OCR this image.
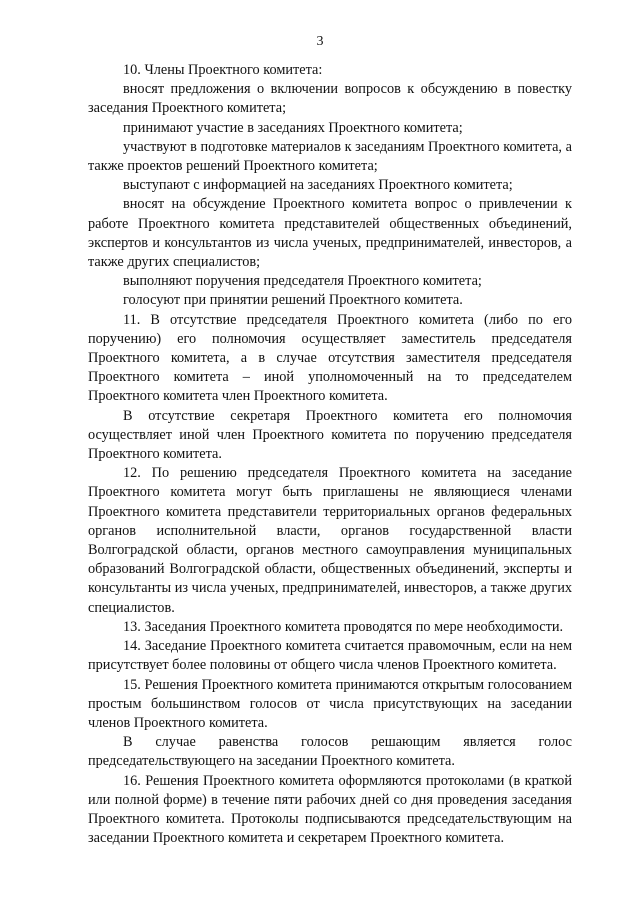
3

10. Члены Проектного комитета:

вносят предложения о включении вопросов к обсуждению в повестку заседания Проектного комитета;

принимают участие в заседаниях Проектного комитета;

участвуют в подготовке материалов к заседаниям Проектного комитета, а также проектов решений Проектного комитета;

выступают с информацией на заседаниях Проектного комитета;

вносят на обсуждение Проектного комитета вопрос о привлечении к работе Проектного комитета представителей общественных объединений, экспертов и консультантов из числа ученых, предпринимателей, инвесторов, а также других специалистов;

выполняют поручения председателя Проектного комитета;

голосуют при принятии решений Проектного комитета.

11. В отсутствие председателя Проектного комитета (либо по его поручению) его полномочия осуществляет заместитель председателя Проектного комитета, а в случае отсутствия заместителя председателя Проектного комитета – иной уполномоченный на то председателем Проектного комитета член Проектного комитета.

В отсутствие секретаря Проектного комитета его полномочия осуществляет иной член Проектного комитета по поручению председателя Проектного комитета.

12. По решению председателя Проектного комитета на заседание Проектного комитета могут быть приглашены не являющиеся членами Проектного комитета представители территориальных органов федеральных органов исполнительной власти, органов государственной власти Волгоградской области, органов местного самоуправления муниципальных образований Волгоградской области, общественных объединений, эксперты и консультанты из числа ученых, предпринимателей, инвесторов, а также других специалистов.

13. Заседания Проектного комитета проводятся по мере необходимости.

14. Заседание Проектного комитета считается правомочным, если на нем присутствует более половины от общего числа членов Проектного комитета.

15. Решения Проектного комитета принимаются открытым голосованием простым большинством голосов от числа присутствующих на заседании членов Проектного комитета.

В случае равенства голосов решающим является голос председательствующего на заседании Проектного комитета.

16. Решения Проектного комитета оформляются протоколами (в краткой или полной форме) в течение пяти рабочих дней со дня проведения заседания Проектного комитета. Протоколы подписываются председательствующим на заседании Проектного комитета и секретарем Проектного комитета.
